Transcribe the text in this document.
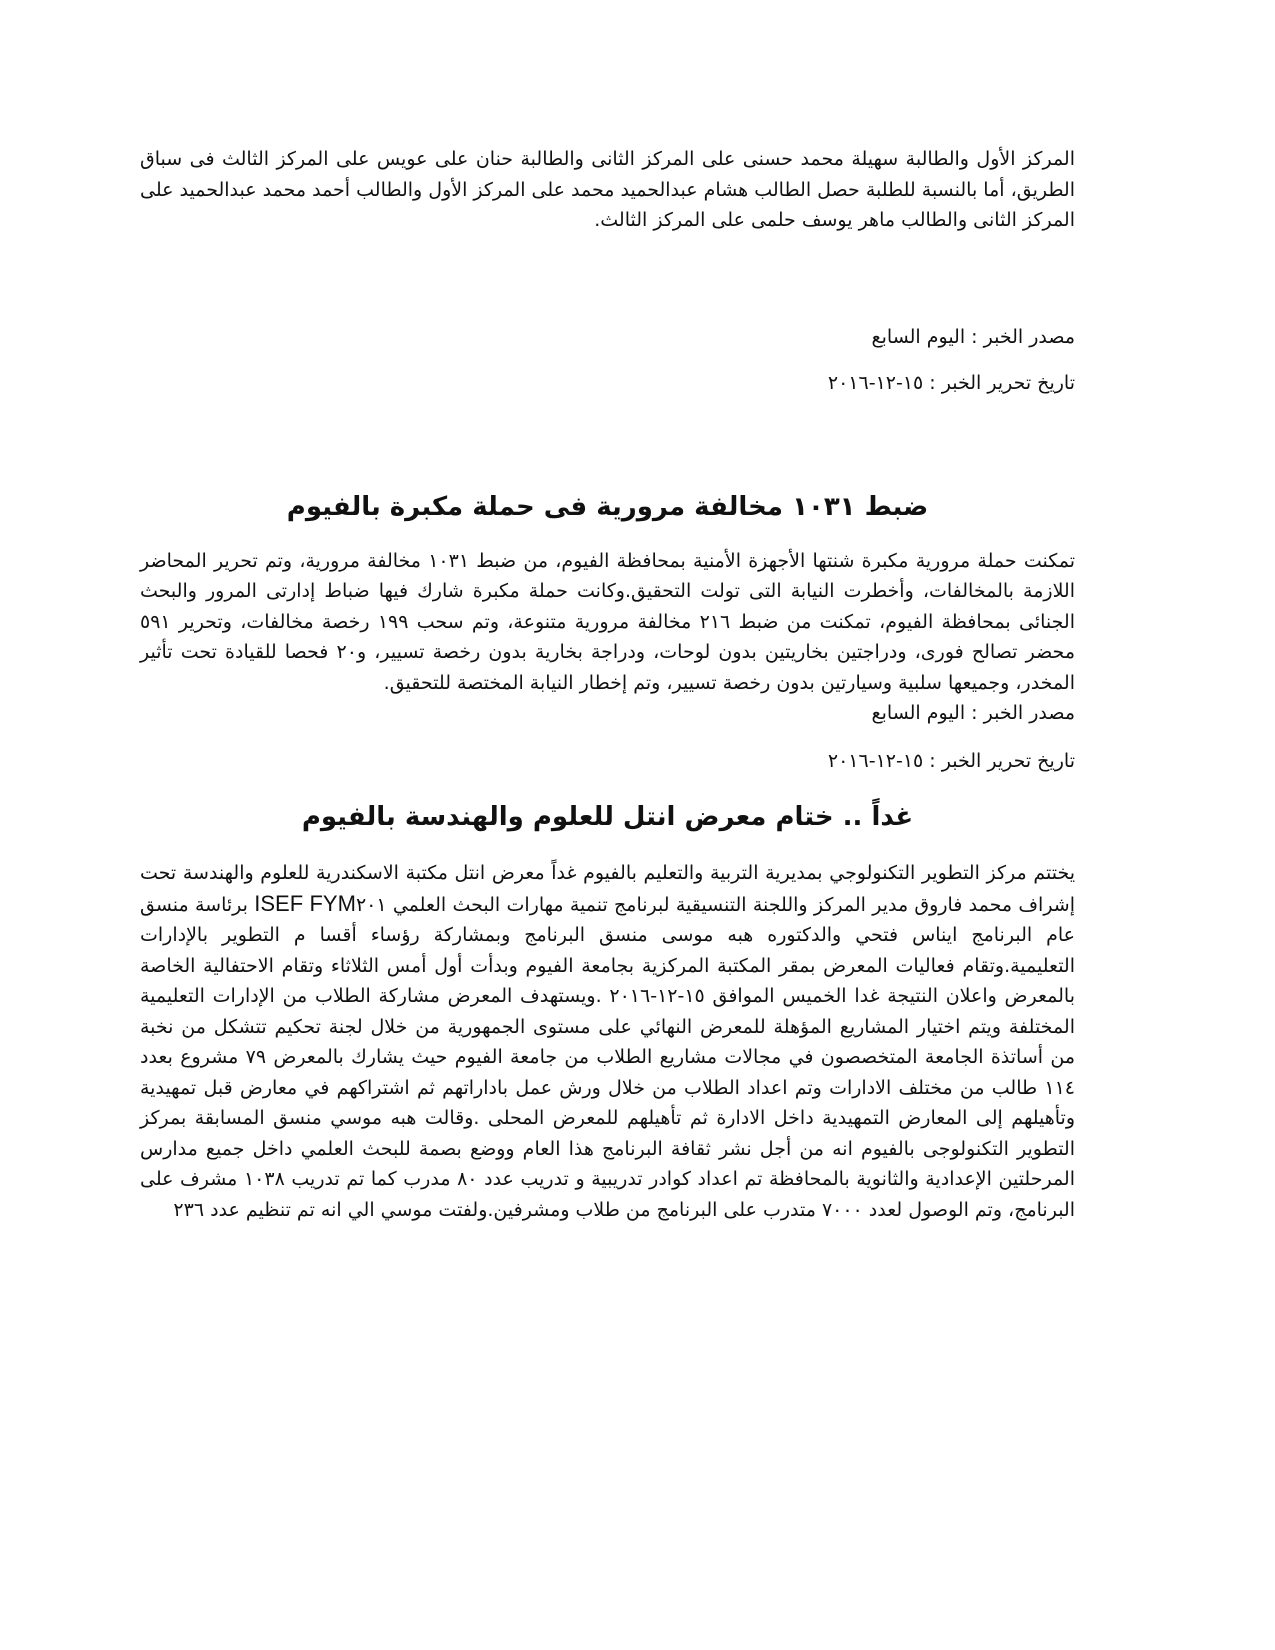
المركز الأول والطالبة سهيلة محمد حسنى على المركز الثانى والطالبة حنان على عويس على المركز الثالث فى سباق الطريق، أما بالنسبة للطلبة حصل الطالب هشام عبدالحميد محمد على المركز الأول والطالب أحمد محمد عبدالحميد على المركز الثانى والطالب ماهر يوسف حلمى على المركز الثالث.

مصدر الخبر : اليوم السابع

تاريخ تحرير الخبر : ١٥-١٢-٢٠١٦

ضبط ١٠٣١ مخالفة مرورية فى حملة مكبرة بالفيوم

تمكنت حملة مرورية مكبرة شنتها الأجهزة الأمنية بمحافظة الفيوم، من ضبط ١٠٣١ مخالفة مرورية، وتم تحرير المحاضر اللازمة بالمخالفات، وأخطرت النيابة التى تولت التحقيق.وكانت حملة مكبرة شارك فيها ضباط إدارتى المرور والبحث الجنائى بمحافظة الفيوم، تمكنت من ضبط ٢١٦ مخالفة مرورية متنوعة، وتم سحب ١٩٩ رخصة مخالفات، وتحرير ٥٩١ محضر تصالح فورى، ودراجتين بخاريتين بدون لوحات، ودراجة بخارية بدون رخصة تسيير، و٢٠ فحصا للقيادة تحت تأثير المخدر، وجميعها سلبية وسيارتين بدون رخصة تسيير، وتم إخطار النيابة المختصة للتحقيق.

مصدر الخبر : اليوم السابع

تاريخ تحرير الخبر : ١٥-١٢-٢٠١٦

غداً .. ختام معرض انتل للعلوم والهندسة بالفيوم

يختتم مركز التطوير التكنولوجي بمديرية التربية والتعليم بالفيوم غداً معرض انتل مكتبة الاسكندرية للعلوم والهندسة تحت إشراف محمد فاروق مدير المركز واللجنة التنسيقية لبرنامج تنمية مهارات البحث العلمي ISEF FYM٢٠١ برئاسة منسق عام البرنامج ايناس فتحي والدكتوره هبه موسى منسق البرنامج وبمشاركة رؤساء أقسا م التطوير بالإدارات التعليمية.وتقام فعاليات المعرض بمقر المكتبة المركزية بجامعة الفيوم وبدأت أول أمس الثلاثاء وتقام الاحتفالية الخاصة بالمعرض واعلان النتيجة غدا الخميس الموافق ١٥-١٢-٢٠١٦ .ويستهدف المعرض مشاركة الطلاب من الإدارات التعليمية المختلفة ويتم اختيار المشاريع المؤهلة للمعرض النهائي على مستوى الجمهورية من خلال لجنة تحكيم تتشكل من نخبة من أساتذة الجامعة المتخصصون في مجالات مشاريع الطلاب من جامعة الفيوم حيث يشارك بالمعرض ٧٩ مشروع بعدد ١١٤ طالب من مختلف الادارات وتم اعداد الطلاب من خلال ورش عمل باداراتهم ثم اشتراكهم في معارض قبل تمهيدية وتأهيلهم إلى المعارض التمهيدية داخل الادارة ثم تأهيلهم للمعرض المحلى .وقالت هبه موسي منسق المسابقة بمركز التطوير التكنولوجى بالفيوم انه من أجل نشر ثقافة البرنامج هذا العام ووضع بصمة للبحث العلمي داخل جميع مدارس المرحلتين الإعدادية والثانوية بالمحافظة تم اعداد كوادر تدريبية و تدريب عدد ٨٠ مدرب كما تم تدريب ١٠٣٨ مشرف على البرنامج، وتم الوصول لعدد ٧٠٠٠ متدرب على البرنامج من طلاب ومشرفين.ولفتت موسي الي انه تم تنظيم عدد ٢٣٦
